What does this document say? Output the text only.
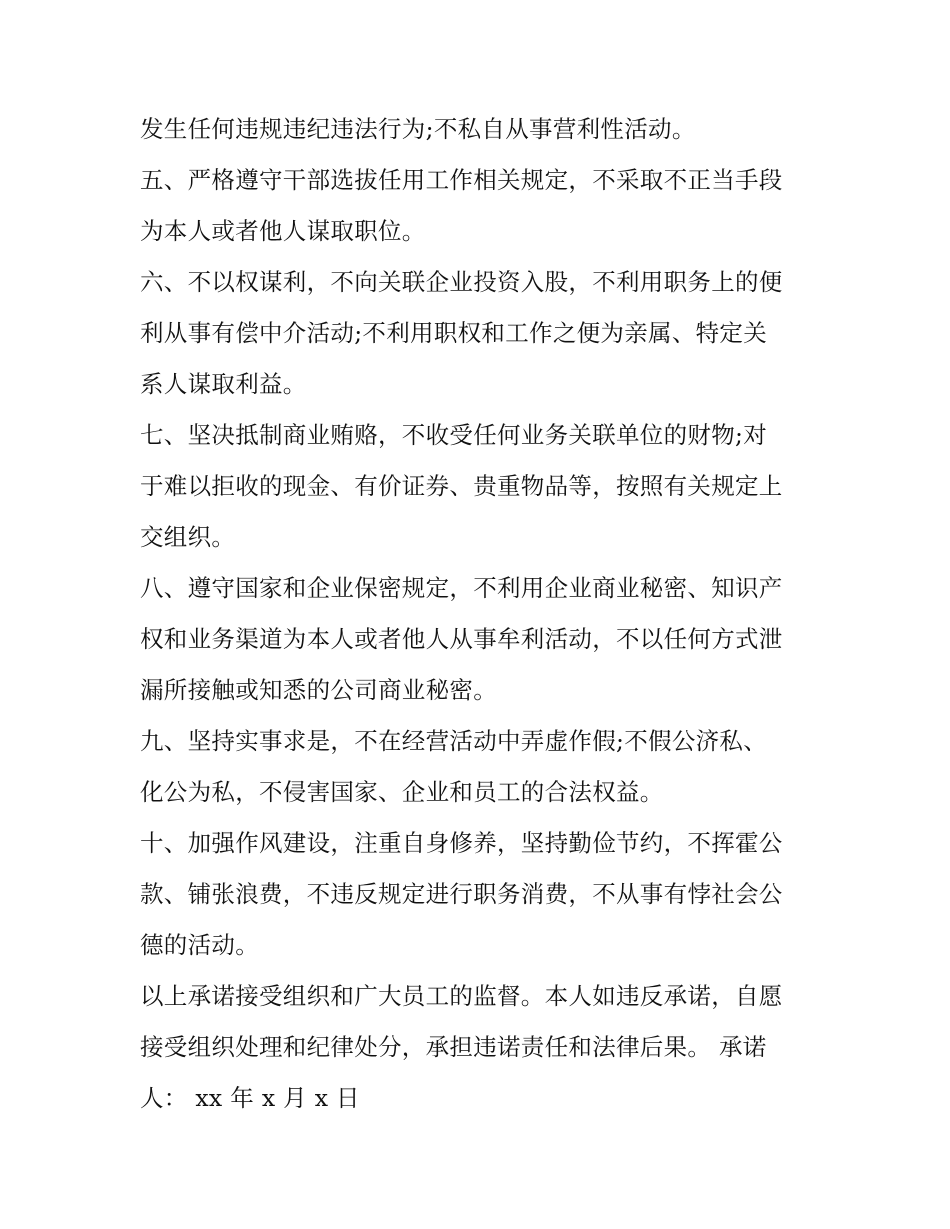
发生任何违规违纪违法行为;不私自从事营利性活动。
五、严格遵守干部选拔任用工作相关规定，不采取不正当手段
为本人或者他人谋取职位。
六、不以权谋利，不向关联企业投资入股，不利用职务上的便
利从事有偿中介活动;不利用职权和工作之便为亲属、特定关
系人谋取利益。
七、坚决抵制商业贿赂，不收受任何业务关联单位的财物;对
于难以拒收的现金、有价证券、贵重物品等，按照有关规定上
交组织。
八、遵守国家和企业保密规定，不利用企业商业秘密、知识产
权和业务渠道为本人或者他人从事牟利活动，不以任何方式泄
漏所接触或知悉的公司商业秘密。
九、坚持实事求是，不在经营活动中弄虚作假;不假公济私、
化公为私，不侵害国家、企业和员工的合法权益。
十、加强作风建设，注重自身修养，坚持勤俭节约，不挥霍公
款、铺张浪费，不违反规定进行职务消费，不从事有悖社会公
德的活动。
以上承诺接受组织和广大员工的监督。本人如违反承诺，自愿
接受组织处理和纪律处分，承担违诺责任和法律后果。 承诺
人： xx 年 x 月 x 日
